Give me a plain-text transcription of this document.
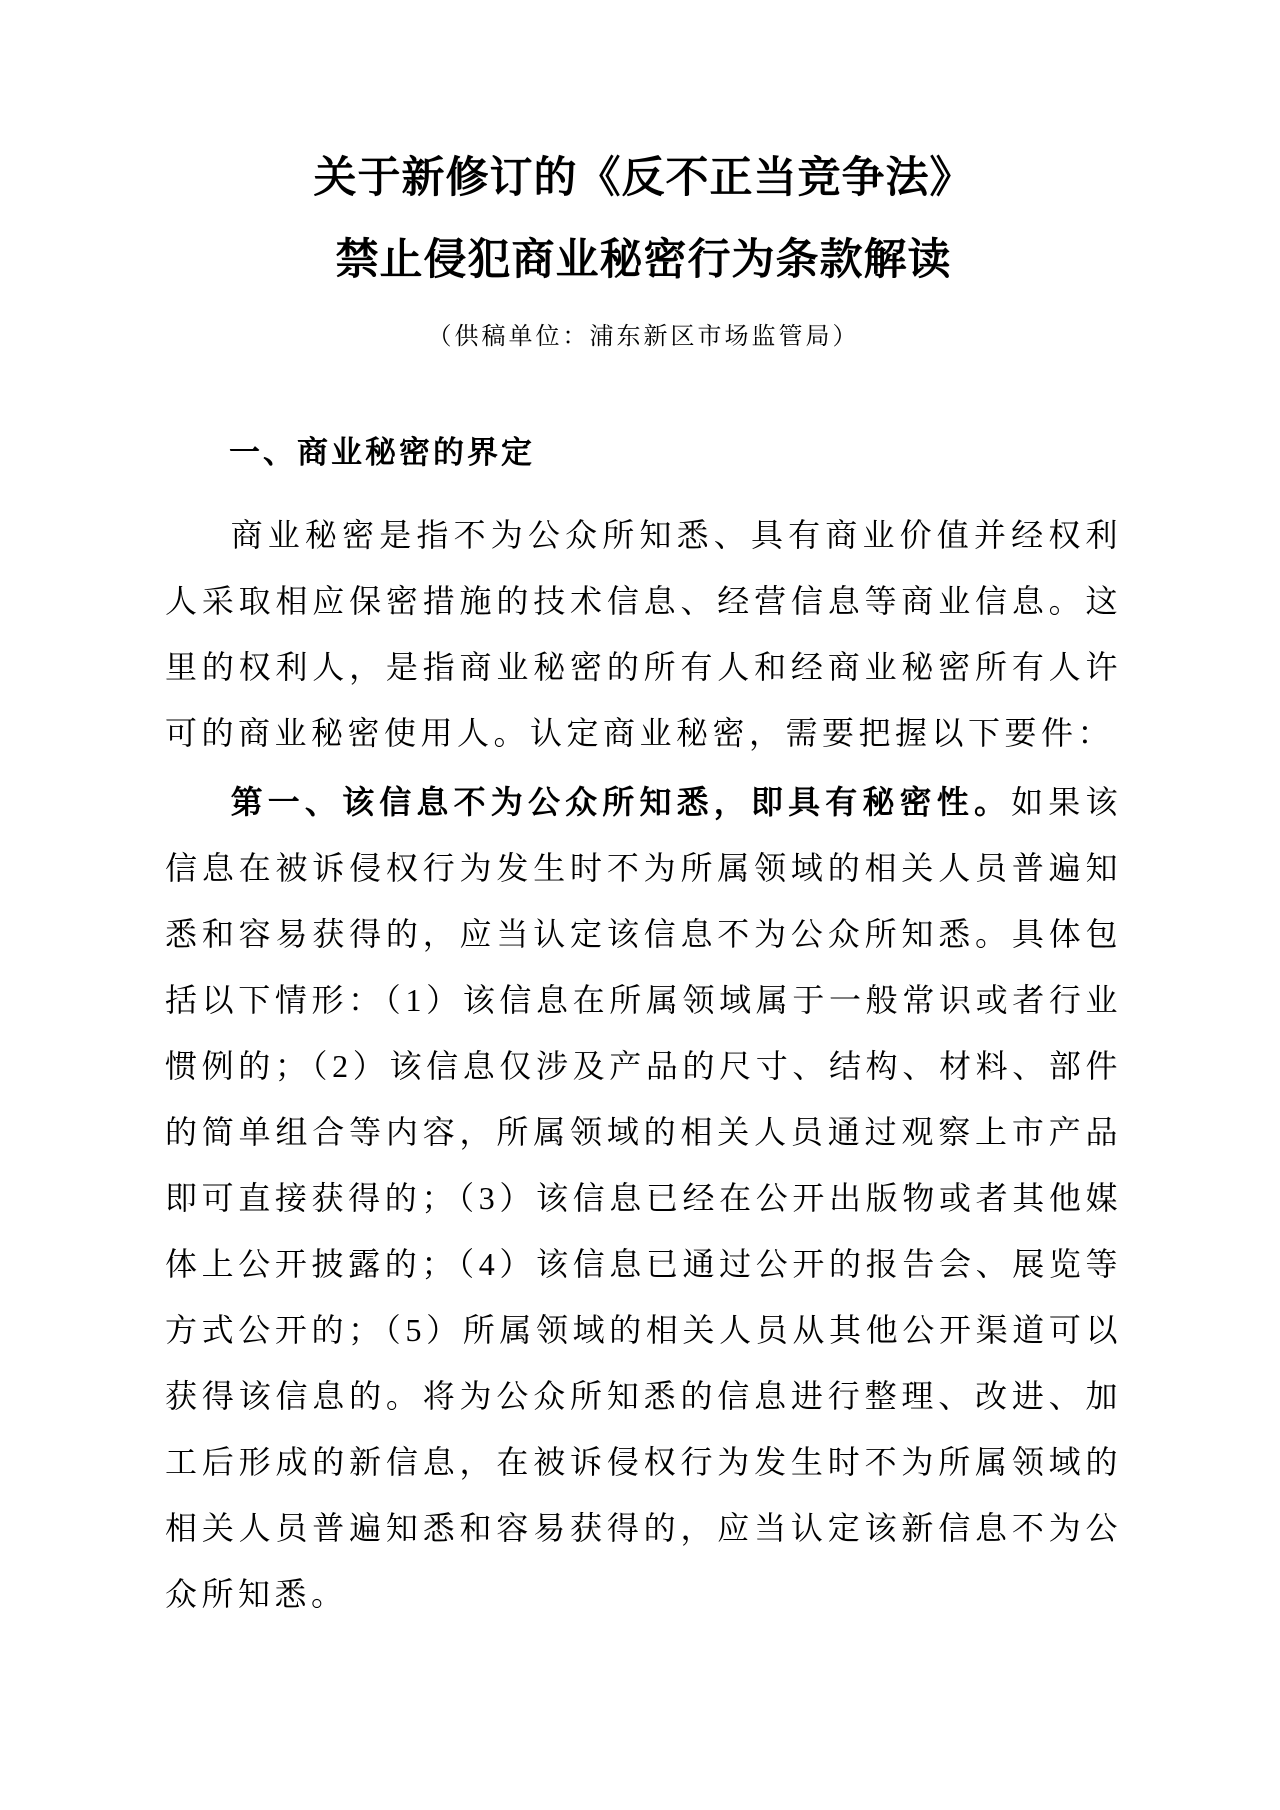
关于新修订的《反不正当竞争法》
禁止侵犯商业秘密行为条款解读
（供稿单位：浦东新区市场监管局）
一、商业秘密的界定

商业秘密是指不为公众所知悉、具有商业价值并经权利人采取相应保密措施的技术信息、经营信息等商业信息。这里的权利人，是指商业秘密的所有人和经商业秘密所有人许可的商业秘密使用人。认定商业秘密，需要把握以下要件：

第一、该信息不为公众所知悉，即具有秘密性。如果该信息在被诉侵权行为发生时不为所属领域的相关人员普遍知悉和容易获得的，应当认定该信息不为公众所知悉。具体包括以下情形：（1）该信息在所属领域属于一般常识或者行业惯例的；（2）该信息仅涉及产品的尺寸、结构、材料、部件的简单组合等内容，所属领域的相关人员通过观察上市产品即可直接获得的；（3）该信息已经在公开出版物或者其他媒体上公开披露的；（4）该信息已通过公开的报告会、展览等方式公开的；（5）所属领域的相关人员从其他公开渠道可以获得该信息的。将为公众所知悉的信息进行整理、改进、加工后形成的新信息，在被诉侵权行为发生时不为所属领域的相关人员普遍知悉和容易获得的，应当认定该新信息不为公众所知悉。
